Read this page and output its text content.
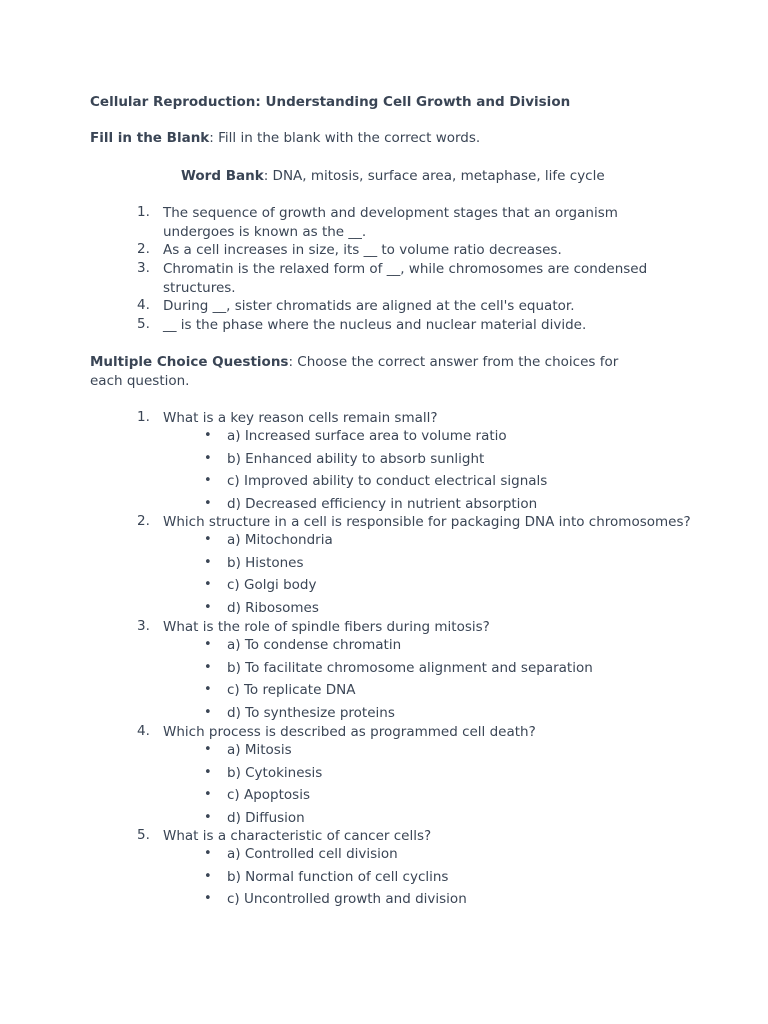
Cellular Reproduction: Understanding Cell Growth and Division
Fill in the Blank: Fill in the blank with the correct words.
Word Bank: DNA, mitosis, surface area, metaphase, life cycle
1. The sequence of growth and development stages that an organism undergoes is known as the __.
2. As a cell increases in size, its __ to volume ratio decreases.
3. Chromatin is the relaxed form of __, while chromosomes are condensed structures.
4. During __, sister chromatids are aligned at the cell's equator.
5. __ is the phase where the nucleus and nuclear material divide.
Multiple Choice Questions: Choose the correct answer from the choices for each question.
1. What is a key reason cells remain small?
• a) Increased surface area to volume ratio
• b) Enhanced ability to absorb sunlight
• c) Improved ability to conduct electrical signals
• d) Decreased efficiency in nutrient absorption
2. Which structure in a cell is responsible for packaging DNA into chromosomes?
• a) Mitochondria
• b) Histones
• c) Golgi body
• d) Ribosomes
3. What is the role of spindle fibers during mitosis?
• a) To condense chromatin
• b) To facilitate chromosome alignment and separation
• c) To replicate DNA
• d) To synthesize proteins
4. Which process is described as programmed cell death?
• a) Mitosis
• b) Cytokinesis
• c) Apoptosis
• d) Diffusion
5. What is a characteristic of cancer cells?
• a) Controlled cell division
• b) Normal function of cell cyclins
• c) Uncontrolled growth and division
